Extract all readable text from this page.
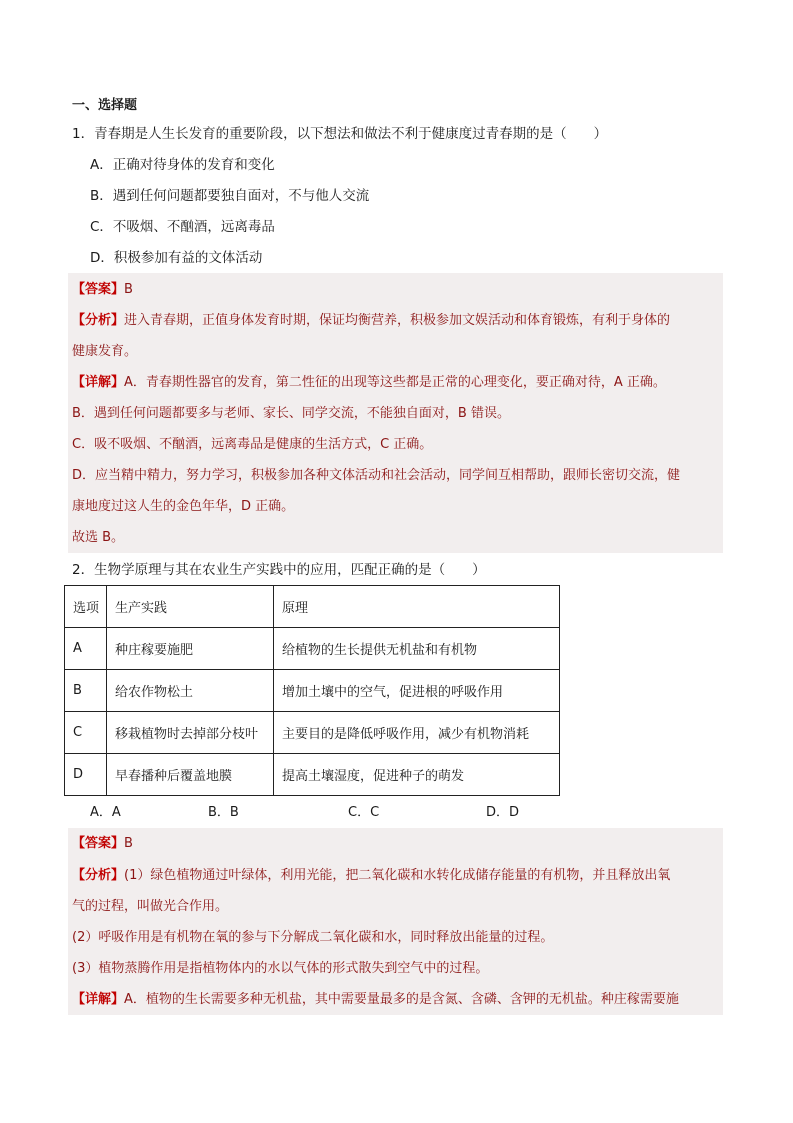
一、选择题
1．青春期是人生长发育的重要阶段，以下想法和做法不利于健康度过青春期的是（　　）
A．正确对待身体的发育和变化
B．遇到任何问题都要独自面对，不与他人交流
C．不吸烟、不酗酒，远离毒品
D．积极参加有益的文体活动
【答案】B
【分析】进入青春期，正值身体发育时期，保证均衡营养，积极参加文娱活动和体育锻炼，有利于身体的
健康发育。
【详解】A．青春期性器官的发育，第二性征的出现等这些都是正常的心理变化，要正确对待，A 正确。
B．遇到任何问题都要多与老师、家长、同学交流，不能独自面对，B 错误。
C．吸不吸烟、不酗酒，远离毒品是健康的生活方式，C 正确。
D．应当精中精力，努力学习，积极参加各种文体活动和社会活动，同学间互相帮助，跟师长密切交流，健
康地度过这人生的金色年华，D 正确。
故选 B。
2．生物学原理与其在农业生产实践中的应用，匹配正确的是（　　）
选项	生产实践	原理
A	种庄稼要施肥	给植物的生长提供无机盐和有机物
B	给农作物松土	增加土壤中的空气，促进根的呼吸作用
C	移栽植物时去掉部分枝叶	主要目的是降低呼吸作用，减少有机物消耗
D	早春播种后覆盖地膜	提高土壤湿度，促进种子的萌发
A．A	B．B	C．C	D．D
【答案】B
【分析】(1）绿色植物通过叶绿体，利用光能，把二氧化碳和水转化成储存能量的有机物，并且释放出氧
气的过程，叫做光合作用。
(2）呼吸作用是有机物在氧的参与下分解成二氧化碳和水，同时释放出能量的过程。
(3）植物蒸腾作用是指植物体内的水以气体的形式散失到空气中的过程。
【详解】A．植物的生长需要多种无机盐，其中需要量最多的是含氮、含磷、含钾的无机盐。种庄稼需要施
